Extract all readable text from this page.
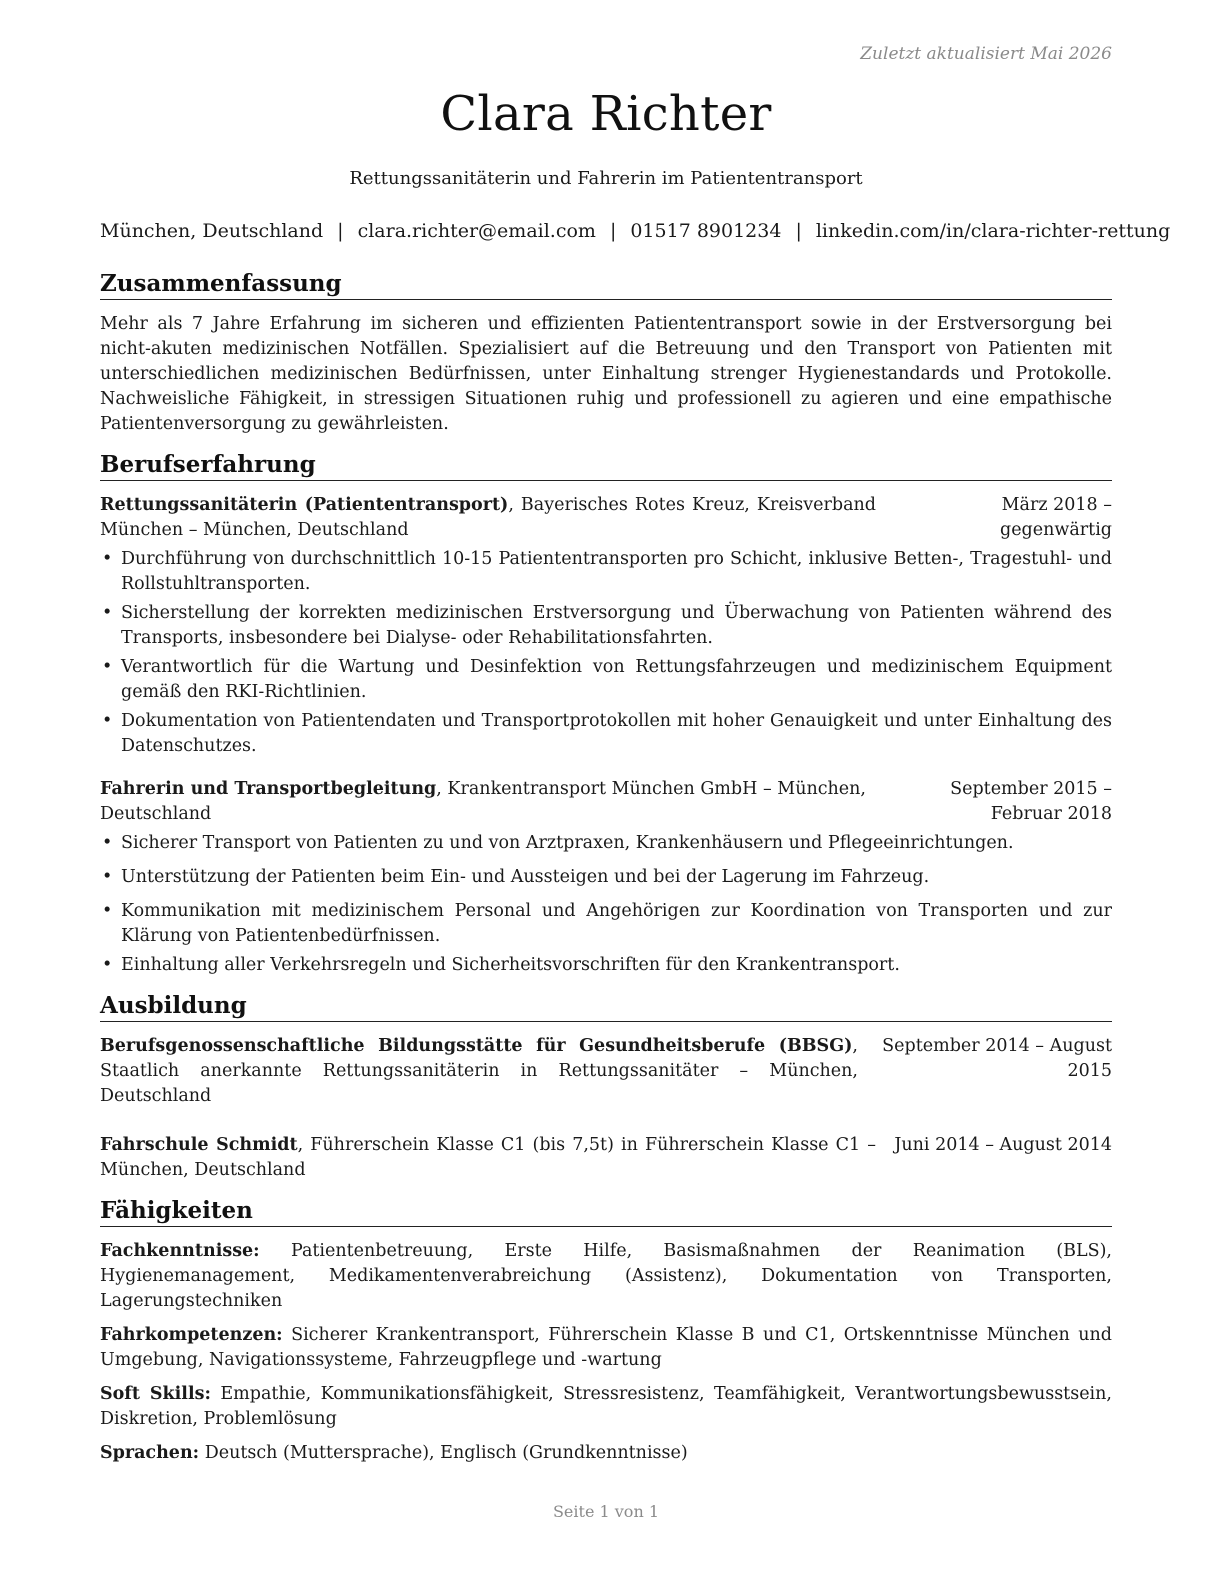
Zuletzt aktualisiert Mai 2026
Clara Richter
Rettungssanitäterin und Fahrerin im Patiententransport
München, Deutschland | clara.richter@email.com | 01517 8901234 | linkedin.com/in/clara-richter-rettung
Zusammenfassung

Mehr als 7 Jahre Erfahrung im sicheren und effizienten Patiententransport sowie in der Erstversorgung bei nicht-akuten medizinischen Notfällen. Spezialisiert auf die Betreuung und den Transport von Patienten mit unterschiedlichen medizinischen Bedürfnissen, unter Einhaltung strenger Hygienestandards und Protokolle. Nachweisliche Fähigkeit, in stressigen Situationen ruhig und professionell zu agieren und eine empathische Patientenversorgung zu gewährleisten.

Berufserfahrung
Rettungssanitäterin (Patiententransport), Bayerisches Rotes Kreuz, Kreisverband München – München, Deutschland
März 2018 – gegenwärtig
• Durchführung von durchschnittlich 10-15 Patiententransporten pro Schicht, inklusive Betten-, Tragestuhl- und Rollstuhltransporten.
• Sicherstellung der korrekten medizinischen Erstversorgung und Überwachung von Patienten während des Transports, insbesondere bei Dialyse- oder Rehabilitationsfahrten.
• Verantwortlich für die Wartung und Desinfektion von Rettungsfahrzeugen und medizinischem Equipment gemäß den RKI-Richtlinien.
• Dokumentation von Patientendaten und Transportprotokollen mit hoher Genauigkeit und unter Einhaltung des Datenschutzes.
Fahrerin und Transportbegleitung, Krankentransport München GmbH – München, Deutschland
September 2015 – Februar 2018
• Sicherer Transport von Patienten zu und von Arztpraxen, Krankenhäusern und Pflegeeinrichtungen.
• Unterstützung der Patienten beim Ein- und Aussteigen und bei der Lagerung im Fahrzeug.
• Kommunikation mit medizinischem Personal und Angehörigen zur Koordination von Transporten und zur Klärung von Patientenbedürfnissen.
• Einhaltung aller Verkehrsregeln und Sicherheitsvorschriften für den Krankentransport.
Ausbildung
Berufsgenossenschaftliche Bildungsstätte für Gesundheitsberufe (BBSG), Staatlich anerkannte Rettungssanitäterin in Rettungssanitäter – München, Deutschland
September 2014 – August 2015
Fahrschule Schmidt, Führerschein Klasse C1 (bis 7,5t) in Führerschein Klasse C1 – München, Deutschland
Juni 2014 – August 2014
Fähigkeiten

Fachkenntnisse: Patientenbetreuung, Erste Hilfe, Basismaßnahmen der Reanimation (BLS), Hygienemanagement, Medikamentenverabreichung (Assistenz), Dokumentation von Transporten, Lagerungstechniken

Fahrkompetenzen: Sicherer Krankentransport, Führerschein Klasse B und C1, Ortskenntnisse München und Umgebung, Navigationssysteme, Fahrzeugpflege und -wartung

Soft Skills: Empathie, Kommunikationsfähigkeit, Stressresistenz, Teamfähigkeit, Verantwortungsbewusstsein, Diskretion, Problemlösung

Sprachen: Deutsch (Muttersprache), Englisch (Grundkenntnisse)

Seite 1 von 1
